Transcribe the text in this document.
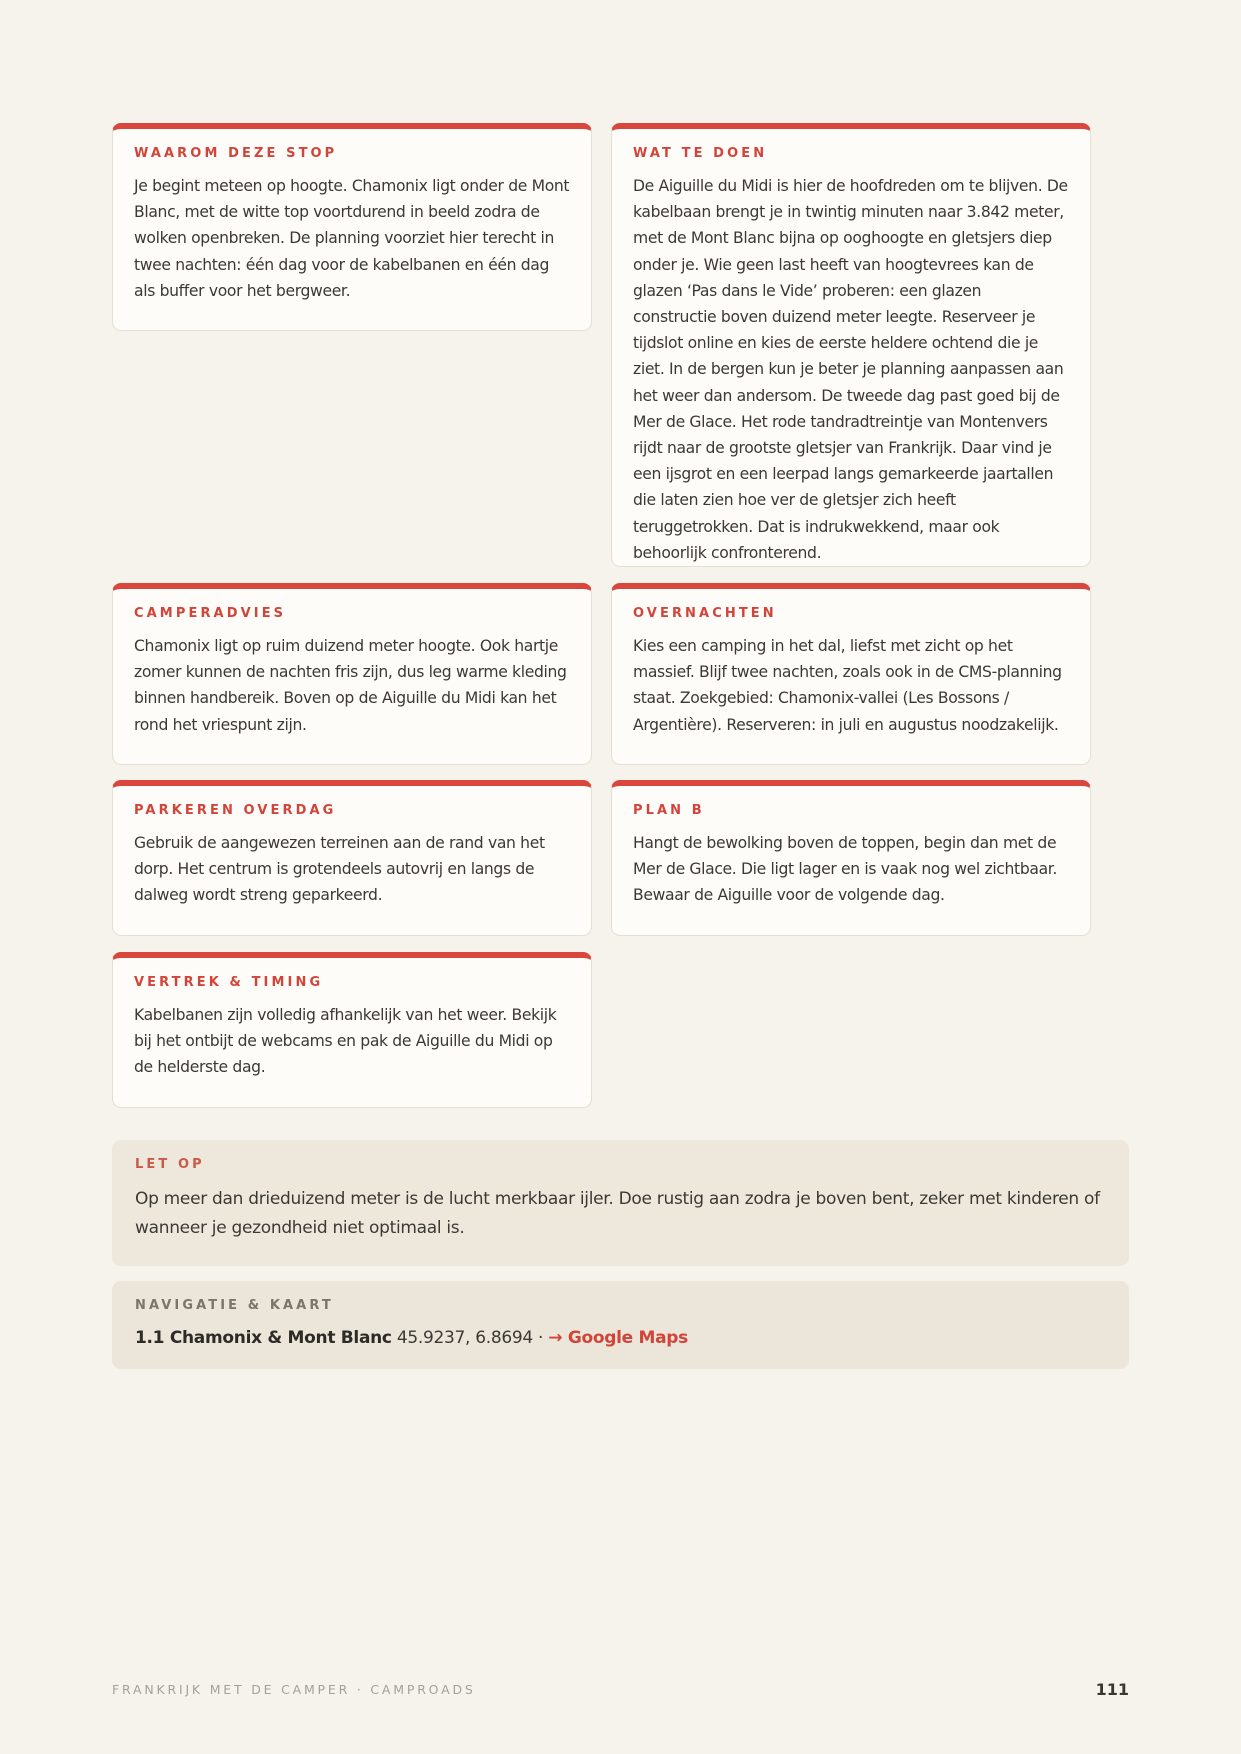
WAAROM DEZE STOP

Je begint meteen op hoogte. Chamonix ligt onder de Mont Blanc, met de witte top voortdurend in beeld zodra de wolken openbreken. De planning voorziet hier terecht in twee nachten: één dag voor de kabelbanen en één dag als buffer voor het bergweer.

WAT TE DOEN

De Aiguille du Midi is hier de hoofdreden om te blijven. De kabelbaan brengt je in twintig minuten naar 3.842 meter, met de Mont Blanc bijna op ooghoogte en gletsjers diep onder je. Wie geen last heeft van hoogtevrees kan de glazen ‘Pas dans le Vide’ proberen: een glazen constructie boven duizend meter leegte. Reserveer je tijdslot online en kies de eerste heldere ochtend die je ziet. In de bergen kun je beter je planning aanpassen aan het weer dan andersom. De tweede dag past goed bij de Mer de Glace. Het rode tandradtreintje van Montenvers rijdt naar de grootste gletsjer van Frankrijk. Daar vind je een ijsgrot en een leerpad langs gemarkeerde jaartallen die laten zien hoe ver de gletsjer zich heeft teruggetrokken. Dat is indrukwekkend, maar ook behoorlijk confronterend.

CAMPERADVIES

Chamonix ligt op ruim duizend meter hoogte. Ook hartje zomer kunnen de nachten fris zijn, dus leg warme kleding binnen handbereik. Boven op de Aiguille du Midi kan het rond het vriespunt zijn.

OVERNACHTEN

Kies een camping in het dal, liefst met zicht op het massief. Blijf twee nachten, zoals ook in de CMS-planning staat. Zoekgebied: Chamonix-vallei (Les Bossons / Argentière). Reserveren: in juli en augustus noodzakelijk.

PARKEREN OVERDAG

Gebruik de aangewezen terreinen aan de rand van het dorp. Het centrum is grotendeels autovrij en langs de dalweg wordt streng geparkeerd.

PLAN B

Hangt de bewolking boven de toppen, begin dan met de Mer de Glace. Die ligt lager en is vaak nog wel zichtbaar. Bewaar de Aiguille voor de volgende dag.

VERTREK & TIMING

Kabelbanen zijn volledig afhankelijk van het weer. Bekijk bij het ontbijt de webcams en pak de Aiguille du Midi op de helderste dag.

LET OP

Op meer dan drieduizend meter is de lucht merkbaar ijler. Doe rustig aan zodra je boven bent, zeker met kinderen of wanneer je gezondheid niet optimaal is.

NAVIGATIE & KAART

1.1 Chamonix & Mont Blanc 45.9237, 6.8694 · → Google Maps

FRANKRIJK MET DE CAMPER · CAMPROADS	111
